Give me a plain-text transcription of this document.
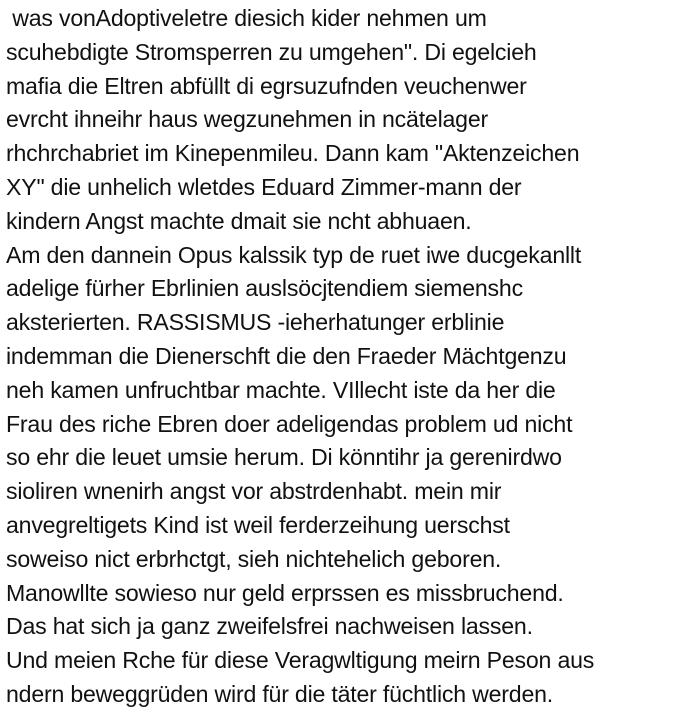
was vonAdoptiveletre diesich kider nehmen um
scuhebdigte Stromsperren zu umgehen". Di egelcieh
mafia die Eltren abfüllt di egrsuzufnden veuchenwer
evrcht ihneihr haus wegzunehmen in ncätelager
rhchrchabriet im Kinepenmileu. Dann kam "Aktenzeichen
XY" die unhelich wletdes Eduard Zimmer-mann der
kindern Angst machte dmait sie ncht abhuaen.
Am den dannein Opus kalssik typ de ruet iwe ducgekanllt
adelige fürher Ebrlinien auslsöcjtendiem siemenshc
aksterierten. RASSISMUS -ieherhatunger erblinie
indemman die Dienerschft die den Fraeder Mächtgenzu
neh kamen unfruchtbar machte. VIllecht iste da her die
Frau des riche Ebren doer adeligendas problem ud nicht
so ehr die leuet umsie herum. Di könntihr ja gerenirdwo
sioliren wnenirh angst vor abstrdenhabt. mein mir
anvegreltigets Kind ist weil ferderzeihung uerschst
soweiso nict erbrhctgt, sieh nichtehelich geboren.
Manowllte sowieso nur geld erprssen es missbruchend.
Das hat sich ja ganz zweifelsfrei nachweisen lassen.
Und meien Rche für diese Veragwltigung meirn Peson aus
ndern beweggrüden wird für die täter füchtlich werden.
